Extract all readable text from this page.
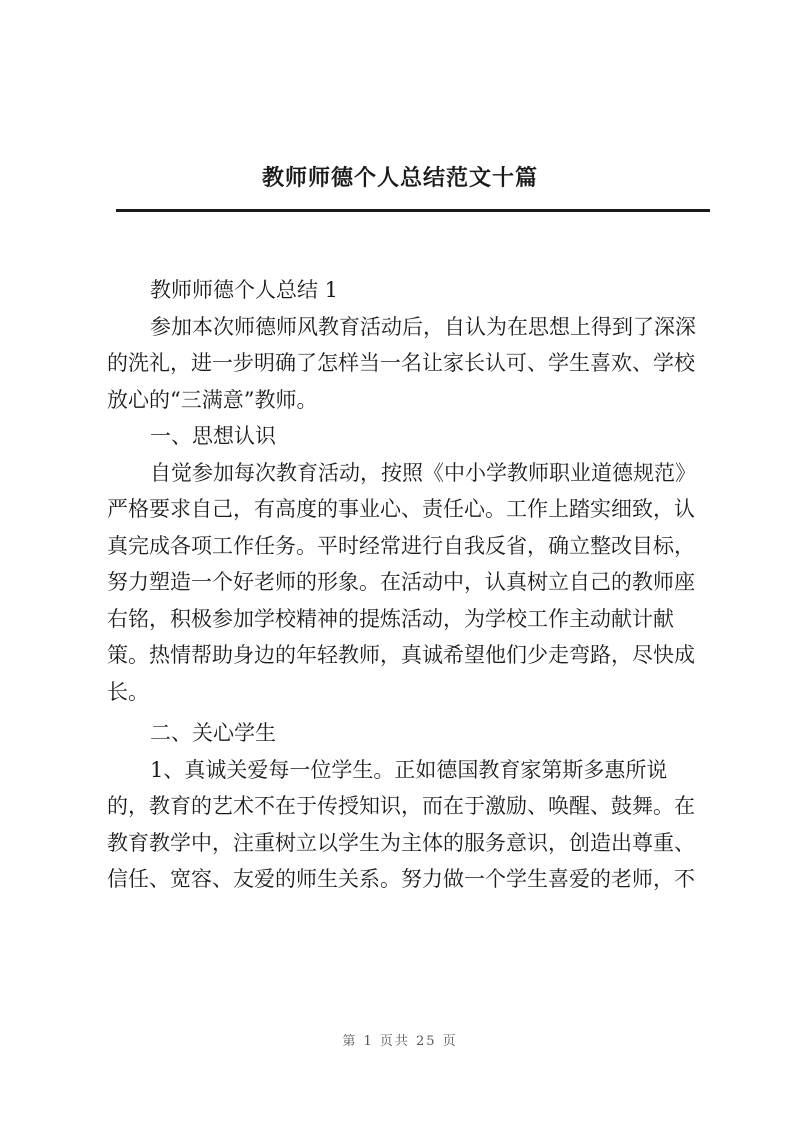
教师师德个人总结范文十篇
教师师德个人总结 1
参加本次师德师风教育活动后，自认为在思想上得到了深深
的洗礼，进一步明确了怎样当一名让家长认可、学生喜欢、学校
放心的“三满意”教师。
一、思想认识
自觉参加每次教育活动，按照《中小学教师职业道德规范》
严格要求自己，有高度的事业心、责任心。工作上踏实细致，认
真完成各项工作任务。平时经常进行自我反省，确立整改目标，
努力塑造一个好老师的形象。在活动中，认真树立自己的教师座
右铭，积极参加学校精神的提炼活动，为学校工作主动献计献
策。热情帮助身边的年轻教师，真诚希望他们少走弯路，尽快成
长。
二、关心学生
1、真诚关爱每一位学生。正如德国教育家第斯多惠所说
的，教育的艺术不在于传授知识，而在于激励、唤醒、鼓舞。在
教育教学中，注重树立以学生为主体的服务意识，创造出尊重、
信任、宽容、友爱的师生关系。努力做一个学生喜爱的老师，不
第 1 页共 25 页
